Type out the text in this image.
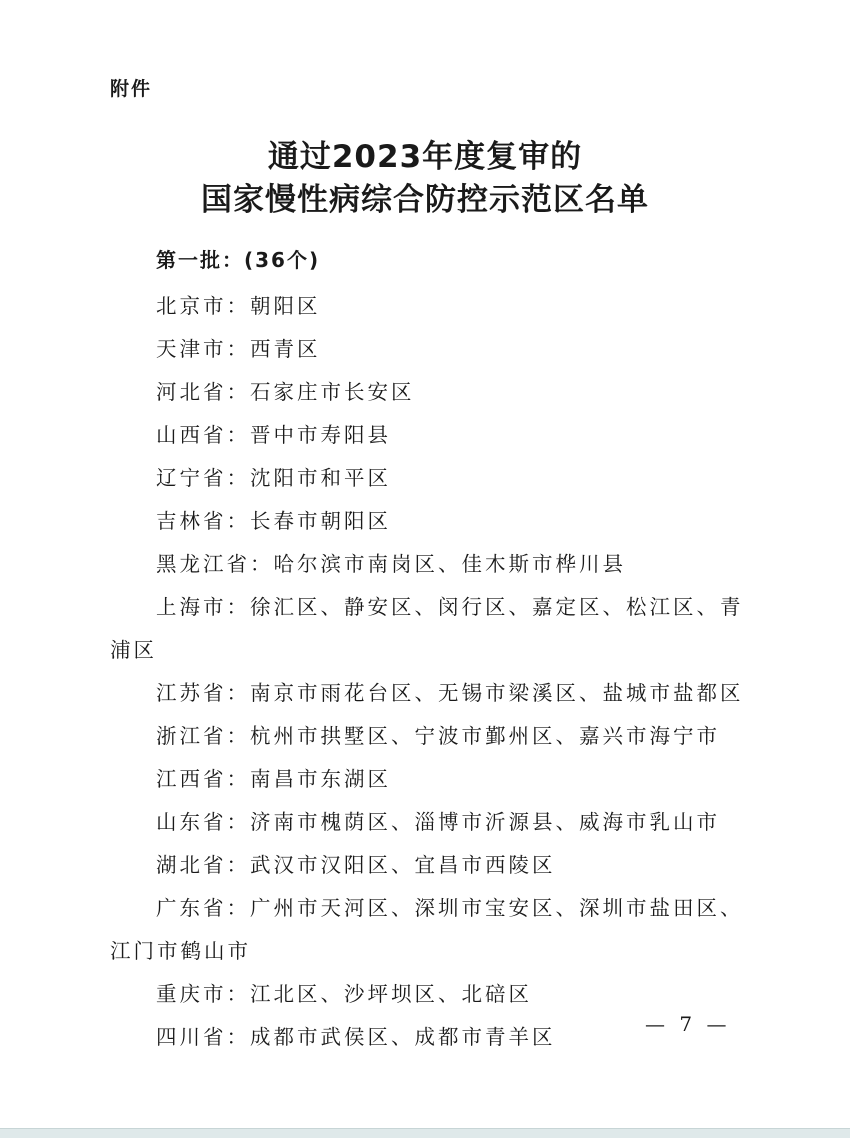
附件
通过2023年度复审的
国家慢性病综合防控示范区名单
第一批：(36个)
北京市：朝阳区
天津市：西青区
河北省：石家庄市长安区
山西省：晋中市寿阳县
辽宁省：沈阳市和平区
吉林省：长春市朝阳区
黑龙江省：哈尔滨市南岗区、佳木斯市桦川县
上海市：徐汇区、静安区、闵行区、嘉定区、松江区、青浦区
江苏省：南京市雨花台区、无锡市梁溪区、盐城市盐都区
浙江省：杭州市拱墅区、宁波市鄞州区、嘉兴市海宁市
江西省：南昌市东湖区
山东省：济南市槐荫区、淄博市沂源县、威海市乳山市
湖北省：武汉市汉阳区、宜昌市西陵区
广东省：广州市天河区、深圳市宝安区、深圳市盐田区、江门市鹤山市
重庆市：江北区、沙坪坝区、北碚区
四川省：成都市武侯区、成都市青羊区
— 7 —
